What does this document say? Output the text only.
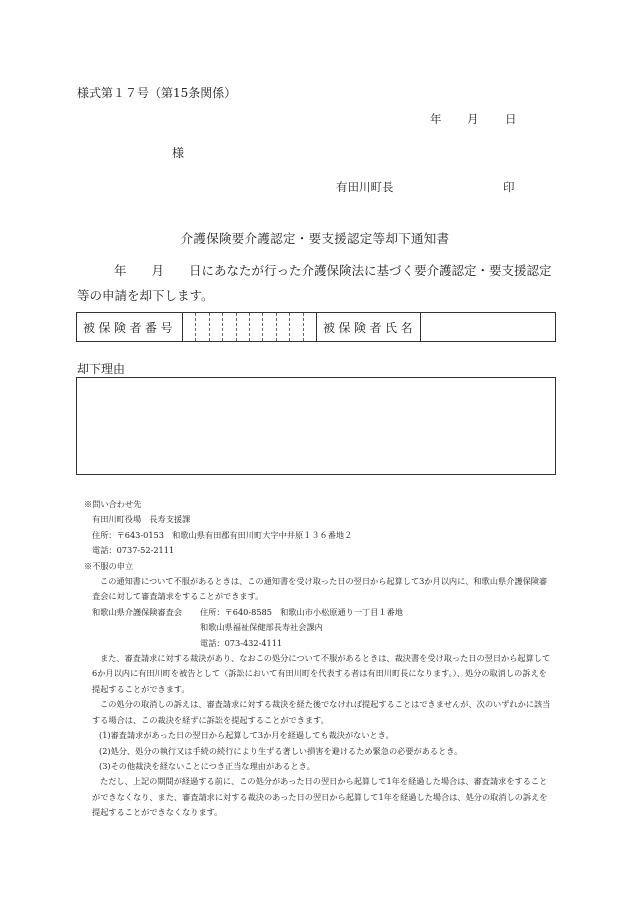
様式第１７号（第15条関係）
年 月 日
様
有田川町長	印
介護保険要介護認定・要支援認定等却下通知書
年 月 日にあなたが行った介護保険法に基づく要介護認定・要支援認定等の申請を却下します。
被保険者番号	被保険者氏名
却下理由
※問い合わせ先
有田川町役場　長寿支援課
住所：〒643-0153　和歌山県有田郡有田川町大字中井原１３６番地２
電話：0737-52-2111
※不服の申立
この通知書について不服があるときは、この通知書を受け取った日の翌日から起算して3か月以内に、和歌山県介護保険審査会に対して審査請求をすることができます。
和歌山県介護保険審査会	住所：〒640-8585　和歌山市小松原通り一丁目１番地
和歌山県福祉保健部長寿社会課内
電話：073-432-4111
また、審査請求に対する裁決があり、なおこの処分について不服があるときは、裁決書を受け取った日の翌日から起算して6か月以内に有田川町を被告として（訴訟において有田川町を代表する者は有田川町長になります。）、処分の取消しの訴えを提起することができます。
この処分の取消しの訴えは、審査請求に対する裁決を経た後でなければ提起することはできませんが、次のいずれかに該当する場合は、この裁決を経ずに訴訟を提起することができます。
(1)審査請求があった日の翌日から起算して3か月を経過しても裁決がないとき。
(2)処分、処分の執行又は手続の続行により生ずる著しい損害を避けるため緊急の必要があるとき。
(3)その他裁決を経ないことにつき正当な理由があるとき。
ただし、上記の期間が経過する前に、この処分があった日の翌日から起算して1年を経過した場合は、審査請求をすることができなくなり、また、審査請求に対する裁決のあった日の翌日から起算して1年を経過した場合は、処分の取消しの訴えを提起することができなくなります。
